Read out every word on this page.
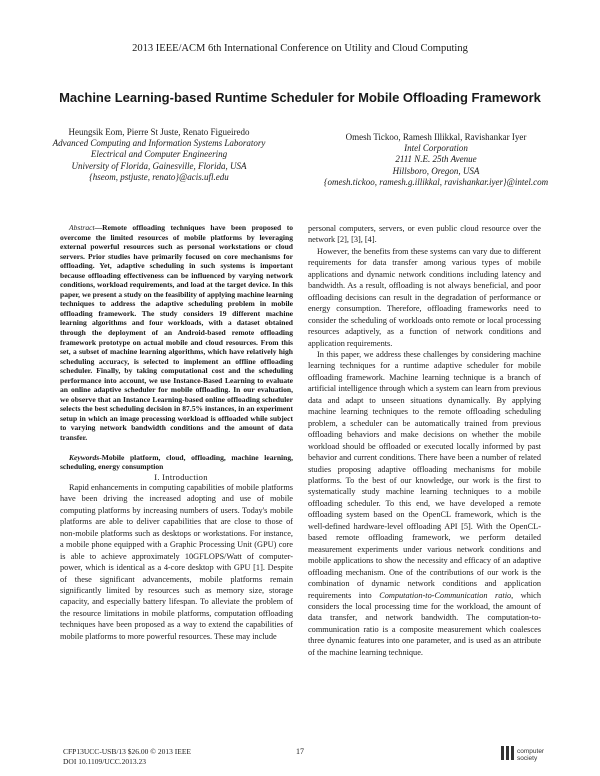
2013 IEEE/ACM 6th International Conference on Utility and Cloud Computing
Machine Learning-based Runtime Scheduler for Mobile Offloading Framework
Heungsik Eom, Pierre St Juste, Renato Figueiredo
Advanced Computing and Information Systems Laboratory
Electrical and Computer Engineering
University of Florida, Gainesville, Florida, USA
{hseom, pstjuste, renato}@acis.ufl.edu
Omesh Tickoo, Ramesh Illikkal, Ravishankar Iyer
Intel Corporation
2111 N.E. 25th Avenue
Hillsboro, Oregon, USA
{omesh.tickoo, ramesh.g.illikkal, ravishankar.iyer}@intel.com

Abstract—Remote offloading techniques have been proposed to overcome the limited resources of mobile platforms by leveraging external powerful resources such as personal workstations or cloud servers. Prior studies have primarily focused on core mechanisms for offloading. Yet, adaptive scheduling in such systems is important because offloading effectiveness can be influenced by varying network conditions, workload requirements, and load at the target device. In this paper, we present a study on the feasibility of applying machine learning techniques to address the adaptive scheduling problem in mobile offloading framework. The study considers 19 different machine learning algorithms and four workloads, with a dataset obtained through the deployment of an Android-based remote offloading framework prototype on actual mobile and cloud resources. From this set, a subset of machine learning algorithms, which have relatively high scheduling accuracy, is selected to implement an offline offloading scheduler. Finally, by taking computational cost and the scheduling performance into account, we use Instance-Based Learning to evaluate an online adaptive scheduler for mobile offloading. In our evaluation, we observe that an Instance Learning-based online offloading scheduler selects the best scheduling decision in 87.5% instances, in an experiment setup in which an image processing workload is offloaded while subject to varying network bandwidth conditions and the amount of data transfer.

Keywords-Mobile platform, cloud, offloading, machine learning, scheduling, energy consumption

I. Introduction

Rapid enhancements in computing capabilities of mobile platforms have been driving the increased adopting and use of mobile computing platforms by increasing numbers of users. Today's mobile platforms are able to deliver capabilities that are close to those of non-mobile platforms such as desktops or workstations. For instance, a mobile phone equipped with a Graphic Processing Unit (GPU) core is able to achieve approximately 10GFLOPS/Watt of computer-power, which is identical as a 4-core desktop with GPU [1]. Despite of these significant advancements, mobile platforms remain significantly limited by resources such as memory size, storage capacity, and especially battery lifespan. To alleviate the problem of the resource limitations in mobile platforms, computation offloading techniques have been proposed as a way to extend the capabilities of mobile platforms to more powerful resources. These may include

personal computers, servers, or even public cloud resource over the network [2], [3], [4].

However, the benefits from these systems can vary due to different requirements for data transfer among various types of mobile applications and dynamic network conditions including latency and bandwidth. As a result, offloading is not always beneficial, and poor offloading decisions can result in the degradation of performance or energy consumption. Therefore, offloading frameworks need to consider the scheduling of workloads onto remote or local processing resources adaptively, as a function of network conditions and application requirements.

In this paper, we address these challenges by considering machine learning techniques for a runtime adaptive scheduler for mobile offloading framework. Machine learning technique is a branch of artificial intelligence through which a system can learn from previous data and adapt to unseen situations dynamically. By applying machine learning techniques to the remote offloading scheduling problem, a scheduler can be automatically trained from previous offloading behaviors and make decisions on whether the mobile workload should be offloaded or executed locally informed by past behavior and current conditions. There have been a number of related studies proposing adaptive offloading mechanisms for mobile platforms. To the best of our knowledge, our work is the first to systematically study machine learning techniques to a mobile offloading scheduler. To this end, we have developed a remote offloading system based on the OpenCL framework, which is the well-defined hardware-level offloading API [5]. With the OpenCL-based remote offloading framework, we perform detailed measurement experiments under various network conditions and mobile applications to show the necessity and efficacy of an adaptive offloading mechanism. One of the contributions of our work is the combination of dynamic network conditions and application requirements into Computation-to-Communication ratio, which considers the local processing time for the workload, the amount of data transfer, and network bandwidth. The computation-to-communication ratio is a composite measurement which coalesces three dynamic features into one parameter, and is used as an attribute of the machine learning technique.

CFP13UCC-USB/13 $26.00 © 2013 IEEE
DOI 10.1109/UCC.2013.23
17	computer
society
